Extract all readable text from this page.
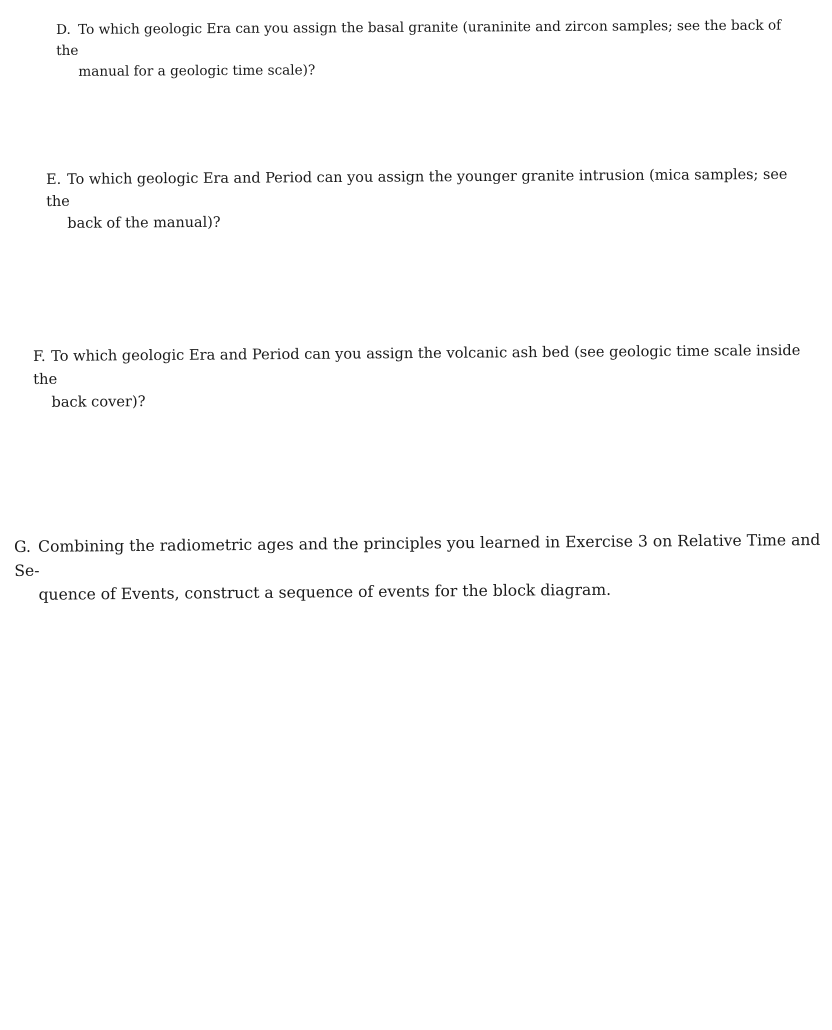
D. To which geologic Era can you assign the basal granite (uraninite and zircon samples; see the back of the
manual for a geologic time scale)?
E. To which geologic Era and Period can you assign the younger granite intrusion (mica samples; see the
back of the manual)?
F. To which geologic Era and Period can you assign the volcanic ash bed (see geologic time scale inside the
back cover)?
G. Combining the radiometric ages and the principles you learned in Exercise 3 on Relative Time and Se-
quence of Events, construct a sequence of events for the block diagram.
